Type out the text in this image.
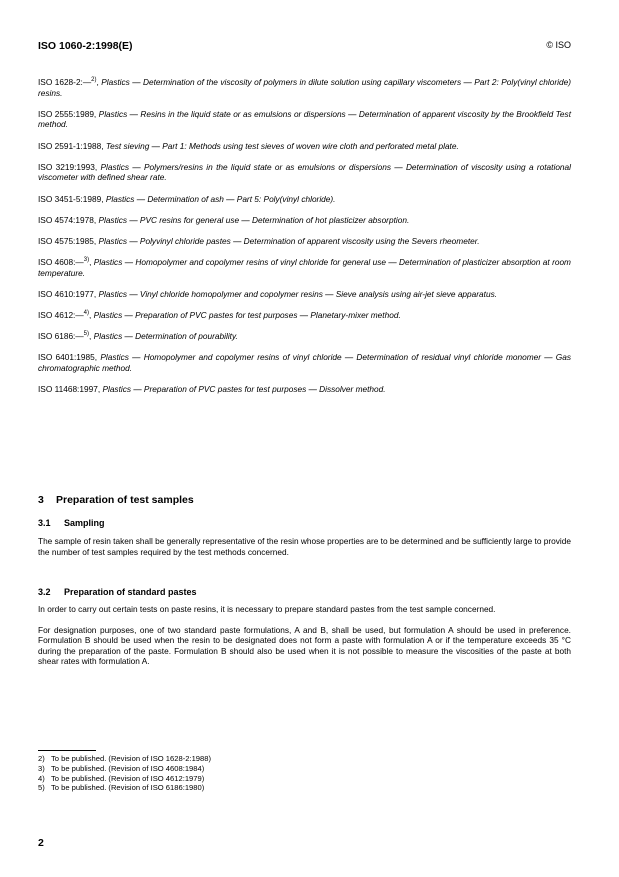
ISO 1060-2:1998(E)	© ISO

ISO 1628-2:—$^{2)}$, Plastics — Determination of the viscosity of polymers in dilute solution using capillary viscometers — Part 2: Poly(vinyl chloride) resins.

ISO 2555:1989, Plastics — Resins in the liquid state or as emulsions or dispersions — Determination of apparent viscosity by the Brookfield Test method.

ISO 2591-1:1988, Test sieving — Part 1: Methods using test sieves of woven wire cloth and perforated metal plate.

ISO 3219:1993, Plastics — Polymers/resins in the liquid state or as emulsions or dispersions — Determination of viscosity using a rotational viscometer with defined shear rate.

ISO 3451-5:1989, Plastics — Determination of ash — Part 5: Poly(vinyl chloride).

ISO 4574:1978, Plastics — PVC resins for general use — Determination of hot plasticizer absorption.

ISO 4575:1985, Plastics — Polyvinyl chloride pastes — Determination of apparent viscosity using the Severs rheometer.

ISO 4608:—$^{3)}$, Plastics — Homopolymer and copolymer resins of vinyl chloride for general use — Determination of plasticizer absorption at room temperature.

ISO 4610:1977, Plastics — Vinyl chloride homopolymer and copolymer resins — Sieve analysis using air-jet sieve apparatus.

ISO 4612:—$^{4)}$, Plastics — Preparation of PVC pastes for test purposes — Planetary-mixer method.

ISO 6186:—$^{5)}$, Plastics — Determination of pourability.

ISO 6401:1985, Plastics — Homopolymer and copolymer resins of vinyl chloride — Determination of residual vinyl chloride monomer — Gas chromatographic method.

ISO 11468:1997, Plastics — Preparation of PVC pastes for test purposes — Dissolver method.

3 Preparation of test samples
3.1 Sampling

The sample of resin taken shall be generally representative of the resin whose properties are to be determined and be sufficiently large to provide the number of test samples required by the test methods concerned.

3.2 Preparation of standard pastes

In order to carry out certain tests on paste resins, it is necessary to prepare standard pastes from the test sample concerned.

For designation purposes, one of two standard paste formulations, A and B, shall be used, but formulation A should be used in preference. Formulation B should be used when the resin to be designated does not form a paste with formulation A or if the temperature exceeds 35 °C during the preparation of the paste. Formulation B should also be used when it is not possible to measure the viscosities of the paste at both shear rates with formulation A.

2) To be published. (Revision of ISO 1628-2:1988)
3) To be published. (Revision of ISO 4608:1984)
4) To be published. (Revision of ISO 4612:1979)
5) To be published. (Revision of ISO 6186:1980)
2
